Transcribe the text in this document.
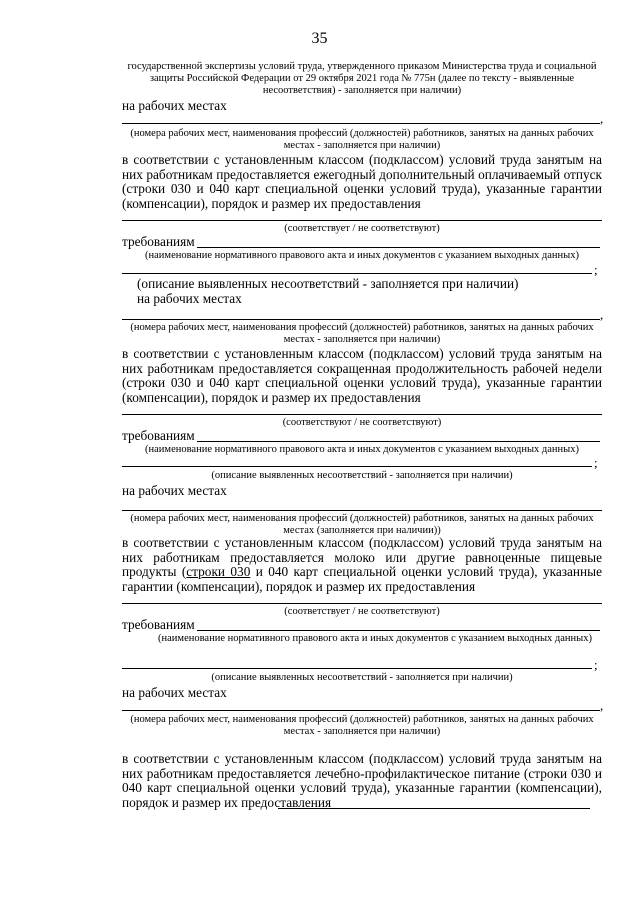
35
государственной экспертизы условий труда, утвержденного приказом Министерства труда и социальной защиты Российской Федерации от 29 октября 2021 года № 775н (далее по тексту - выявленные несоответствия) - заполняется при наличии)
на рабочих местах
,
(номера рабочих мест, наименования профессий (должностей) работников, занятых на данных рабочих местах - заполняется при наличии)
в соответствии с установленным классом (подклассом) условий труда занятым на них работникам предоставляется ежегодный дополнительный оплачиваемый отпуск (строки 030 и 040 карт специальной оценки условий труда), указанные гарантии (компенсации), порядок и размер их предоставления
(соответствует / не соответствуют)
требованиям
(наименование нормативного правового акта и иных документов с указанием выходных данных)
;
(описание выявленных несоответствий - заполняется при наличии)
на рабочих местах
,
(номера рабочих мест, наименования профессий (должностей) работников, занятых на данных рабочих местах - заполняется при наличии)
в соответствии с установленным классом (подклассом) условий труда занятым на них работникам предоставляется сокращенная продолжительность рабочей недели (строки 030 и 040 карт специальной оценки условий труда), указанные гарантии (компенсации), порядок и размер их предоставления
(соответствуют / не соответствуют)
требованиям
(наименование нормативного правового акта и иных документов с указанием выходных данных)
;
(описание выявленных несоответствий - заполняется при наличии)
на рабочих местах
(номера рабочих мест, наименования профессий (должностей) работников, занятых на данных рабочих местах (заполняется при наличии))
в соответствии с установленным классом (подклассом) условий труда занятым на них работникам предоставляется молоко или другие равноценные пищевые продукты (строки 030 и 040 карт специальной оценки условий труда), указанные гарантии (компенсации), порядок и размер их предоставления
(соответствует / не соответствуют)
требованиям
(наименование нормативного правового акта и иных документов с указанием выходных данных)
;
(описание выявленных несоответствий - заполняется при наличии)
на рабочих местах
,
(номера рабочих мест, наименования профессий (должностей) работников, занятых на данных рабочих местах - заполняется при наличии)
в соответствии с установленным классом (подклассом) условий труда занятым на них работникам предоставляется лечебно-профилактическое питание (строки 030 и 040 карт специальной оценки условий труда), указанные гарантии (компенсации), порядок и размер их предоставления
